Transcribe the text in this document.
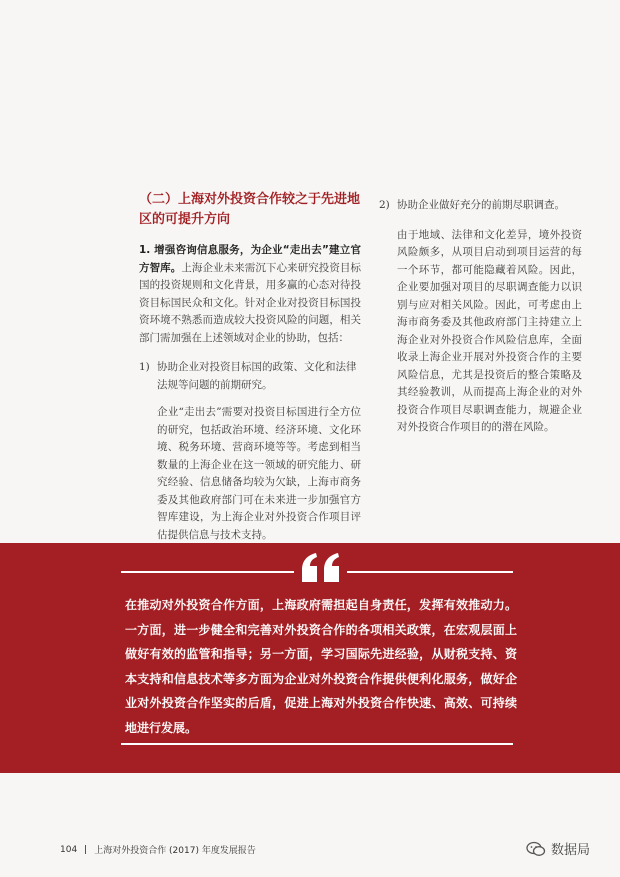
（二）上海对外投资合作较之于先进地区的可提升方向

1. 增强咨询信息服务，为企业“走出去”建立官方智库。上海企业未来需沉下心来研究投资目标国的投资规则和文化背景，用多赢的心态对待投资目标国民众和文化。针对企业对投资目标国投资环境不熟悉而造成较大投资风险的问题，相关部门需加强在上述领域对企业的协助，包括：

1) 协助企业对投资目标国的政策、文化和法律法规等问题的前期研究。

企业“走出去”需要对投资目标国进行全方位的研究，包括政治环境、经济环境、文化环境、税务环境、营商环境等等。考虑到相当数量的上海企业在这一领域的研究能力、研究经验、信息储备均较为欠缺，上海市商务委及其他政府部门可在未来进一步加强官方智库建设，为上海企业对外投资合作项目评估提供信息与技术支持。

2) 协助企业做好充分的前期尽职调查。

由于地域、法律和文化差异，境外投资风险颇多，从项目启动到项目运营的每一个环节，都可能隐藏着风险。因此，企业要加强对项目的尽职调查能力以识别与应对相关风险。因此，可考虑由上海市商务委及其他政府部门主持建立上海企业对外投资合作风险信息库，全面收录上海企业开展对外投资合作的主要风险信息，尤其是投资后的整合策略及其经验教训，从而提高上海企业的对外投资合作项目尽职调查能力，规避企业对外投资合作项目的的潜在风险。

在推动对外投资合作方面，上海政府需担起自身责任，发挥有效推动力。一方面，进一步健全和完善对外投资合作的各项相关政策，在宏观层面上做好有效的监管和指导；另一方面，学习国际先进经验，从财税支持、资本支持和信息技术等多方面为企业对外投资合作提供便利化服务，做好企业对外投资合作坚实的后盾，促进上海对外投资合作快速、高效、可持续地进行发展。
104 上海对外投资合作 (2017) 年度发展报告	数据局
